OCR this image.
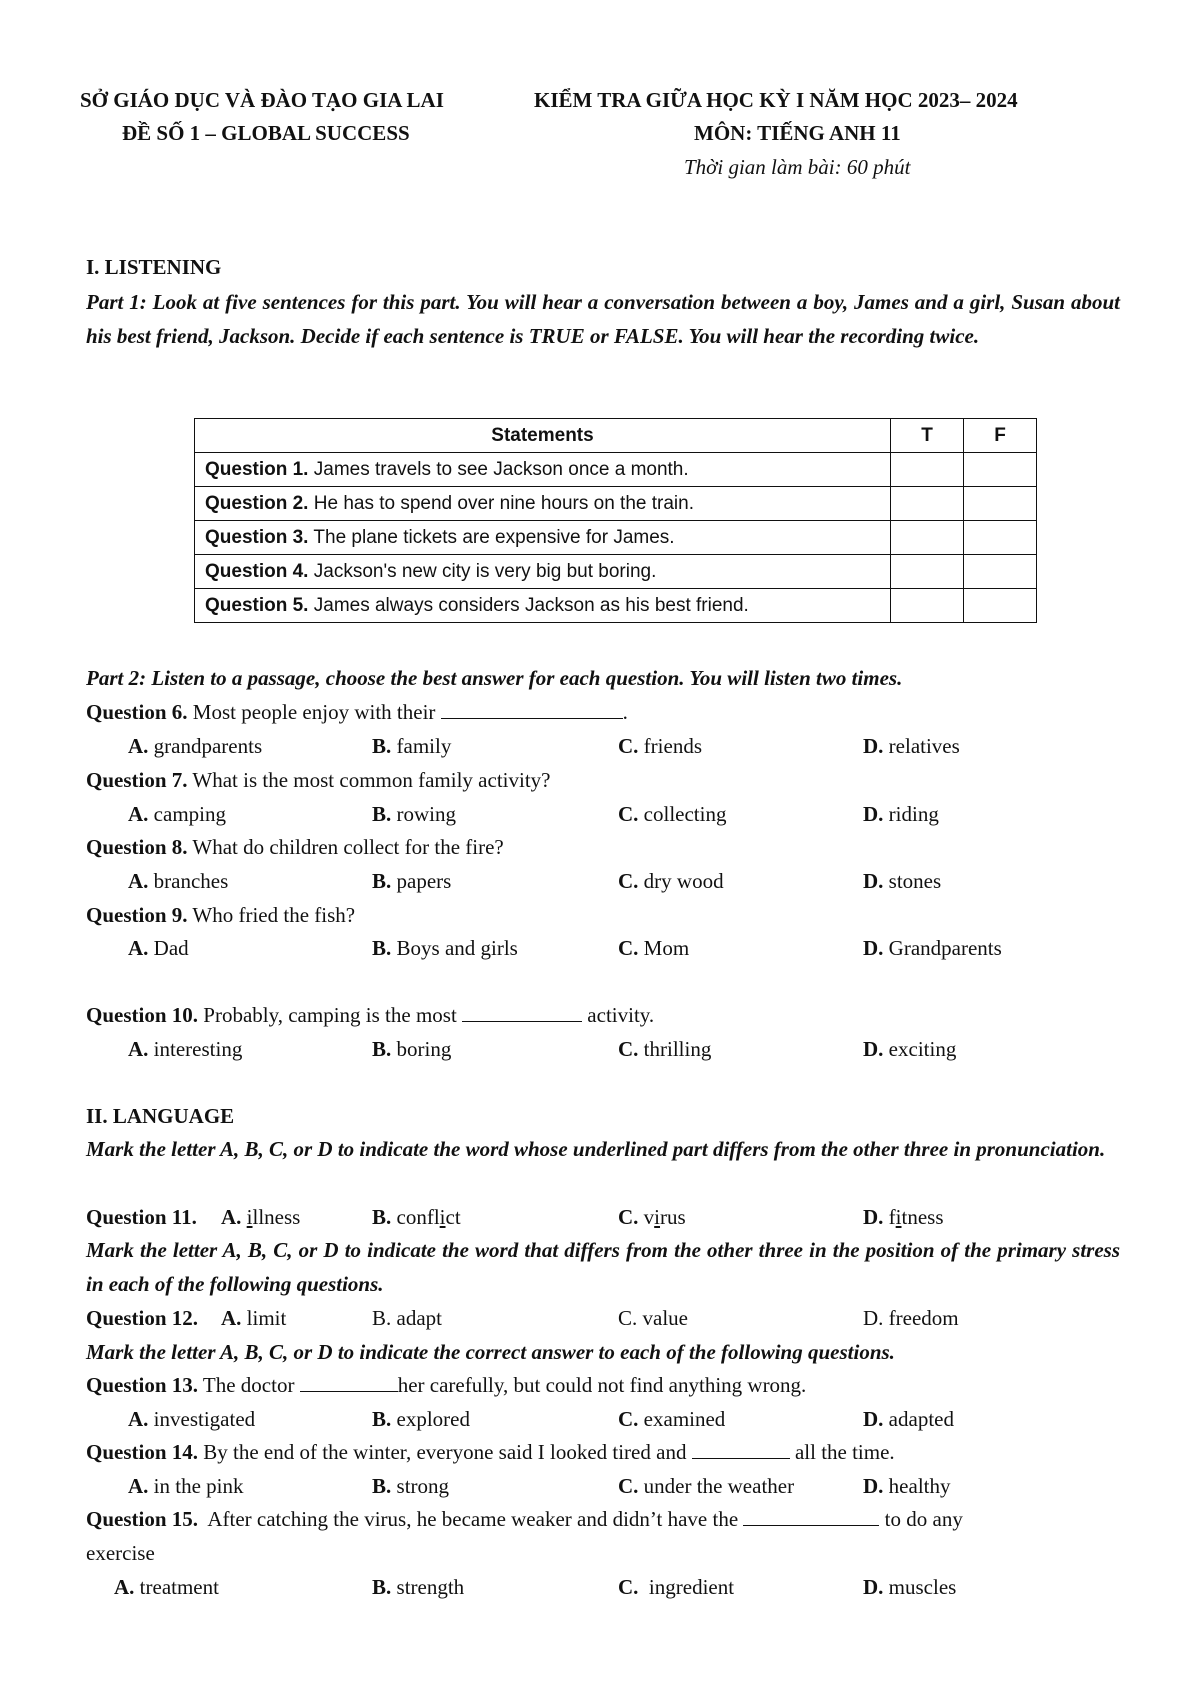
SỞ GIÁO DỤC VÀ ĐÀO TẠO GIA LAI
ĐỀ SỐ 1 – GLOBAL SUCCESS
KIỂM TRA GIỮA HỌC KỲ I NĂM HỌC 2023– 2024
MÔN: TIẾNG ANH 11
Thời gian làm bài: 60 phút
I. LISTENING
Part 1: Look at five sentences for this part. You will hear a conversation between a boy, James and a girl, Susan about his best friend, Jackson. Decide if each sentence is TRUE or FALSE. You will hear the recording twice.
Statements	T	F
Question 1. James travels to see Jackson once a month.		
Question 2. He has to spend over nine hours on the train.		
Question 3. The plane tickets are expensive for James.		
Question 4. Jackson's new city is very big but boring.		
Question 5. James always considers Jackson as his best friend.		
Part 2: Listen to a passage, choose the best answer for each question. You will listen two times.
Question 6. Most people enjoy with their	.
A. grandparents	B. family	C. friends	D. relatives
Question 7. What is the most common family activity?
A. camping	B. rowing	C. collecting	D. riding
Question 8. What do children collect for the fire?
A. branches	B. papers	C. dry wood	D. stones
Question 9. Who fried the fish?
A. Dad	B. Boys and girls	C. Mom	D. Grandparents
Question 10. Probably, camping is the most	activity.
A. interesting	B. boring	C. thrilling	D. exciting
II. LANGUAGE
Mark the letter A, B, C, or D to indicate the word whose underlined part differs from the other three in pronunciation.
Question 11. A. illness	B. conflict	C. virus	D. fitness
Mark the letter A, B, C, or D to indicate the word that differs from the other three in the position of the primary stress in each of the following questions.
Question 12. A. limit	B. adapt	C. value	D. freedom
Mark the letter A, B, C, or D to indicate the correct answer to each of the following questions.
Question 13. The doctor	her carefully, but could not find anything wrong.
A. investigated	B. explored	C. examined	D. adapted
Question 14. By the end of the winter, everyone said I looked tired and	all the time.
A. in the pink	B. strong	C. under the weather	D. healthy
Question 15. After catching the virus, he became weaker and didn’t have the	to do any
exercise
A. treatment	B. strength	C. ingredient	D. muscles
